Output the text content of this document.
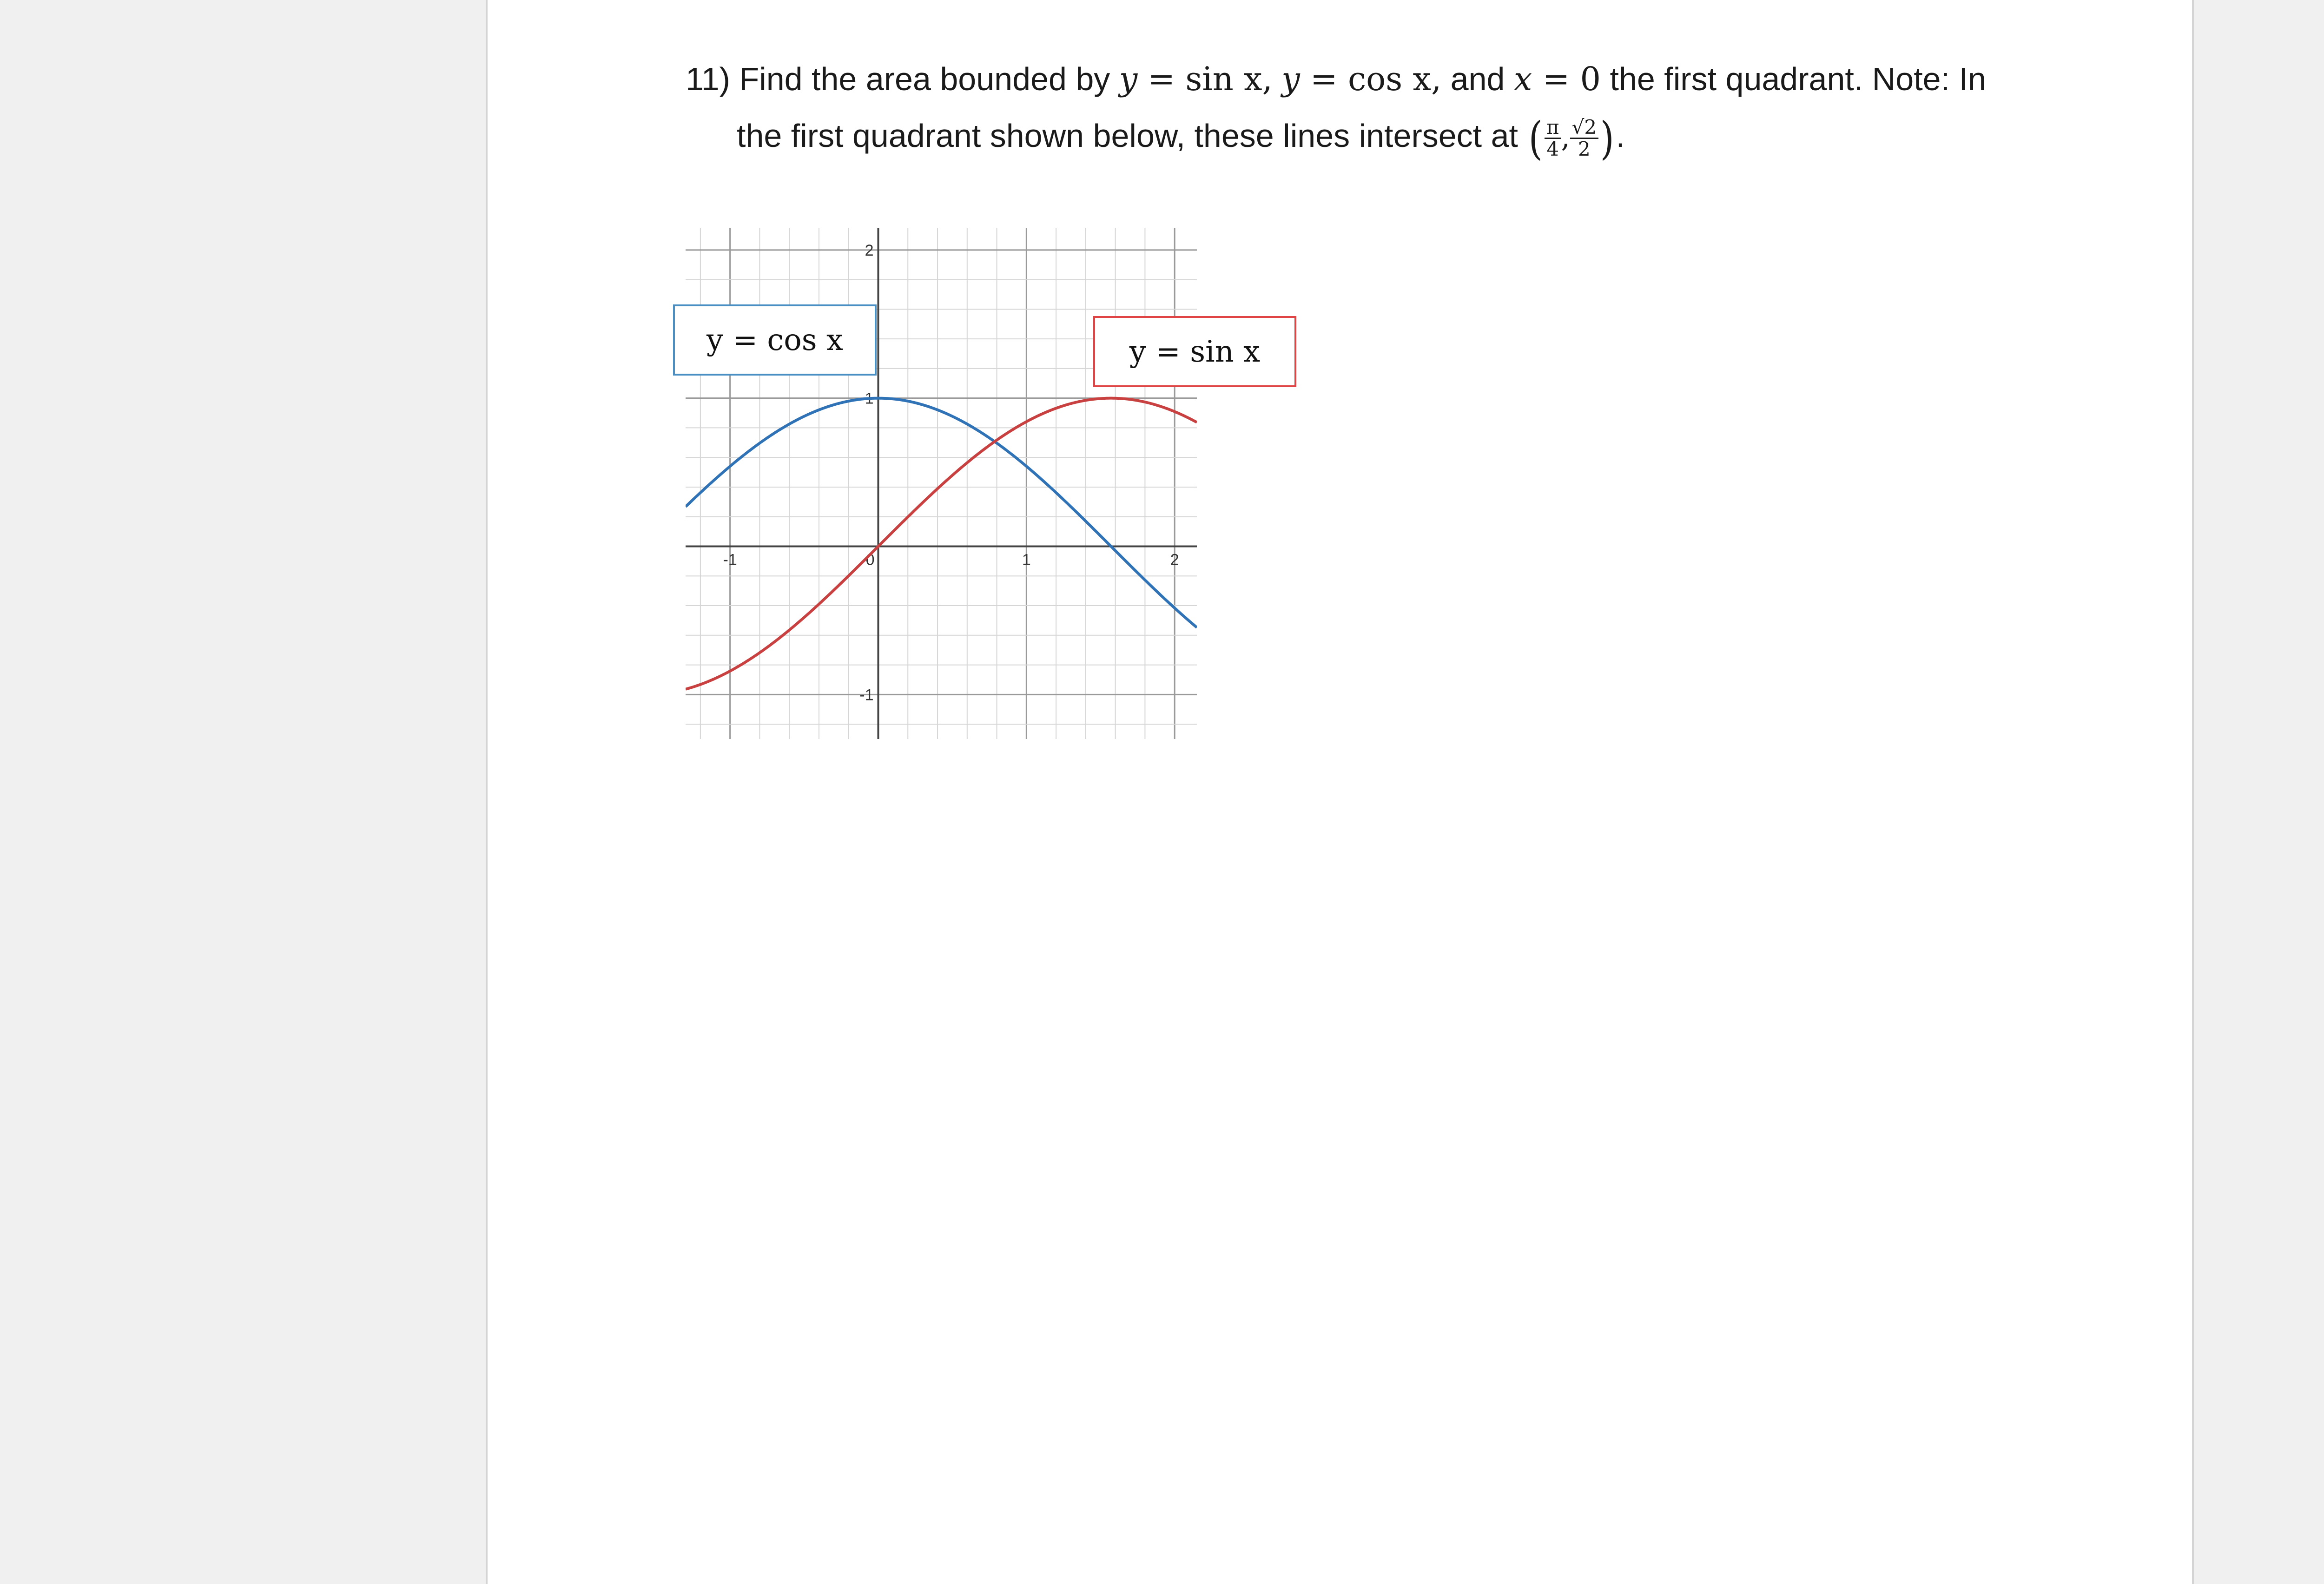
11) Find the area bounded by y = sin x, y = cos x, and x = 0 the first quadrant. Note: In
the first quadrant shown below, these lines intersect at ( $\frac{\pi}{4}$ , $\frac{√2}{2}$ ).
-1	1	2
2
1
-1
0
y = cos x	y = sin x
